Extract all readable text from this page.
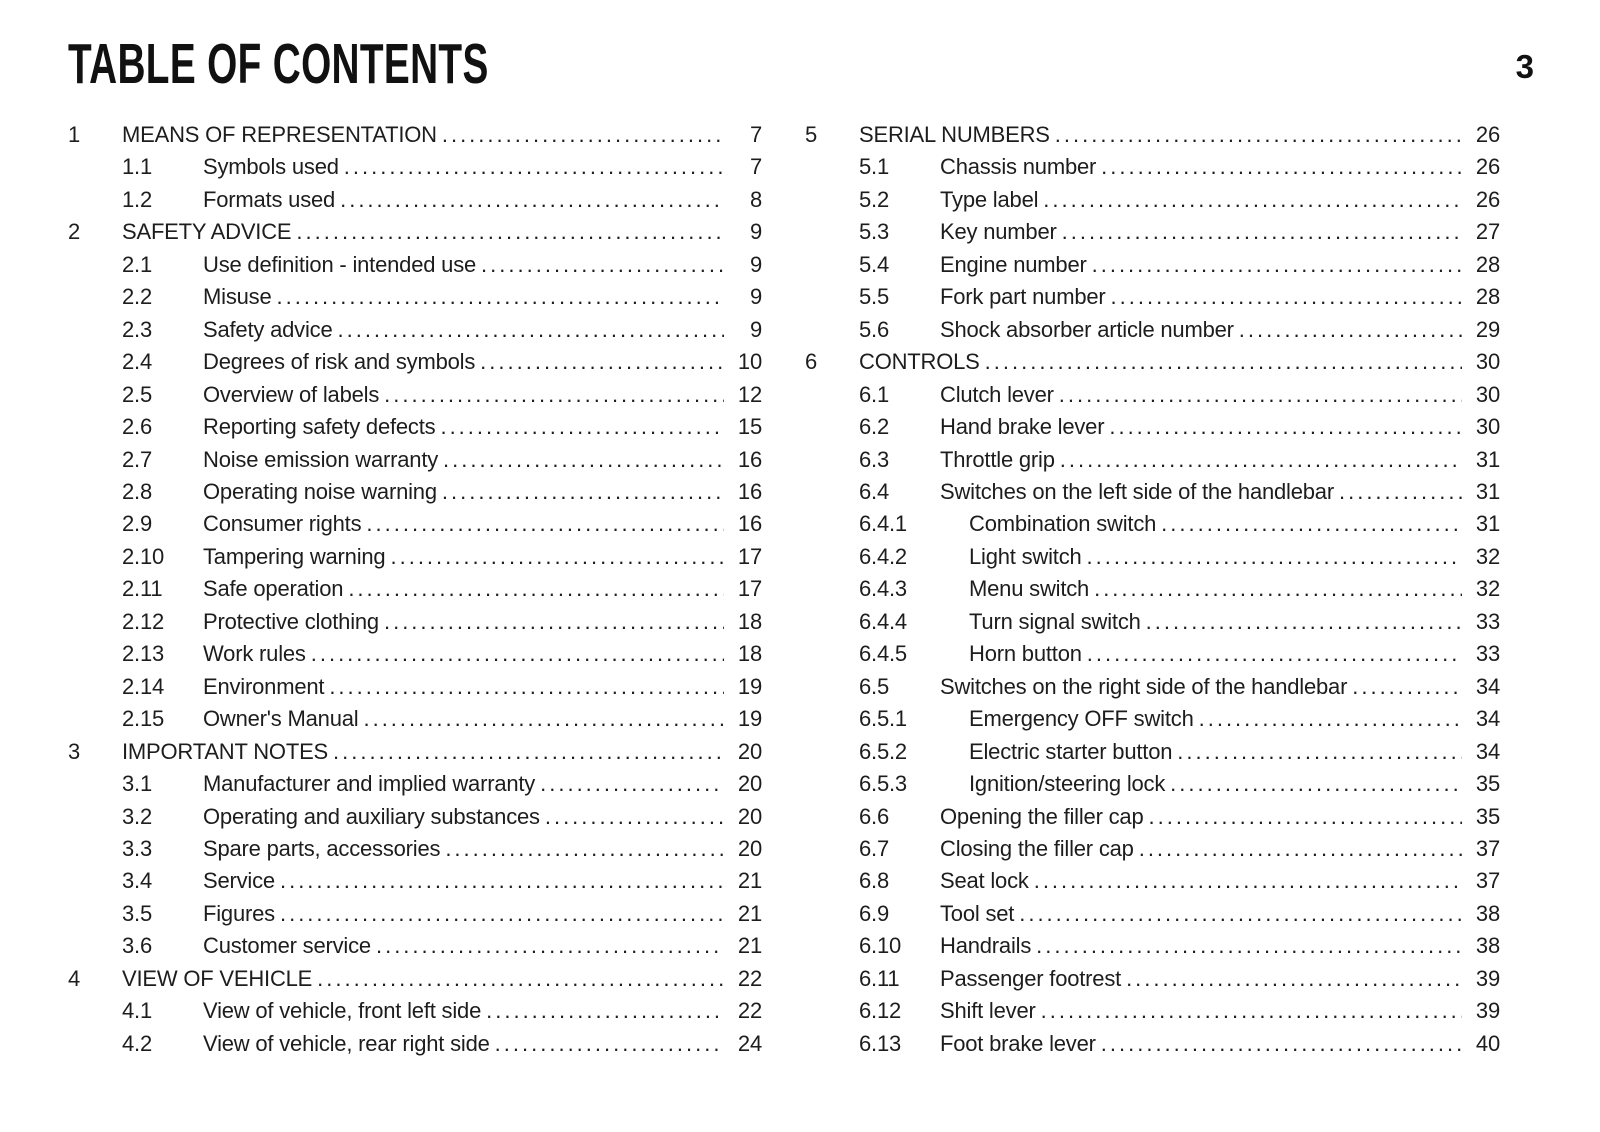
TABLE OF CONTENTS	3
1	MEANS OF REPRESENTATION .....	7
1.1	Symbols used .....	7
1.2	Formats used .....	8
2	SAFETY ADVICE .....	9
2.1	Use definition - intended use .....	9
2.2	Misuse .....	9
2.3	Safety advice .....	9
2.4	Degrees of risk and symbols .....	10
2.5	Overview of labels .....	12
2.6	Reporting safety defects .....	15
2.7	Noise emission warranty .....	16
2.8	Operating noise warning .....	16
2.9	Consumer rights .....	16
2.10	Tampering warning .....	17
2.11	Safe operation .....	17
2.12	Protective clothing .....	18
2.13	Work rules .....	18
2.14	Environment .....	19
2.15	Owner's Manual .....	19
3	IMPORTANT NOTES .....	20
3.1	Manufacturer and implied warranty .....	20
3.2	Operating and auxiliary substances .....	20
3.3	Spare parts, accessories .....	20
3.4	Service .....	21
3.5	Figures .....	21
3.6	Customer service .....	21
4	VIEW OF VEHICLE .....	22
4.1	View of vehicle, front left side .....	22
4.2	View of vehicle, rear right side .....	24
5	SERIAL NUMBERS .....	26
5.1	Chassis number .....	26
5.2	Type label .....	26
5.3	Key number .....	27
5.4	Engine number .....	28
5.5	Fork part number .....	28
5.6	Shock absorber article number .....	29
6	CONTROLS .....	30
6.1	Clutch lever .....	30
6.2	Hand brake lever .....	30
6.3	Throttle grip .....	31
6.4	Switches on the left side of the handlebar .....	31
6.4.1	Combination switch .....	31
6.4.2	Light switch .....	32
6.4.3	Menu switch .....	32
6.4.4	Turn signal switch .....	33
6.4.5	Horn button .....	33
6.5	Switches on the right side of the handlebar .....	34
6.5.1	Emergency OFF switch .....	34
6.5.2	Electric starter button .....	34
6.5.3	Ignition/steering lock .....	35
6.6	Opening the filler cap .....	35
6.7	Closing the filler cap .....	37
6.8	Seat lock .....	37
6.9	Tool set .....	38
6.10	Handrails .....	38
6.11	Passenger footrest .....	39
6.12	Shift lever .....	39
6.13	Foot brake lever .....	40
